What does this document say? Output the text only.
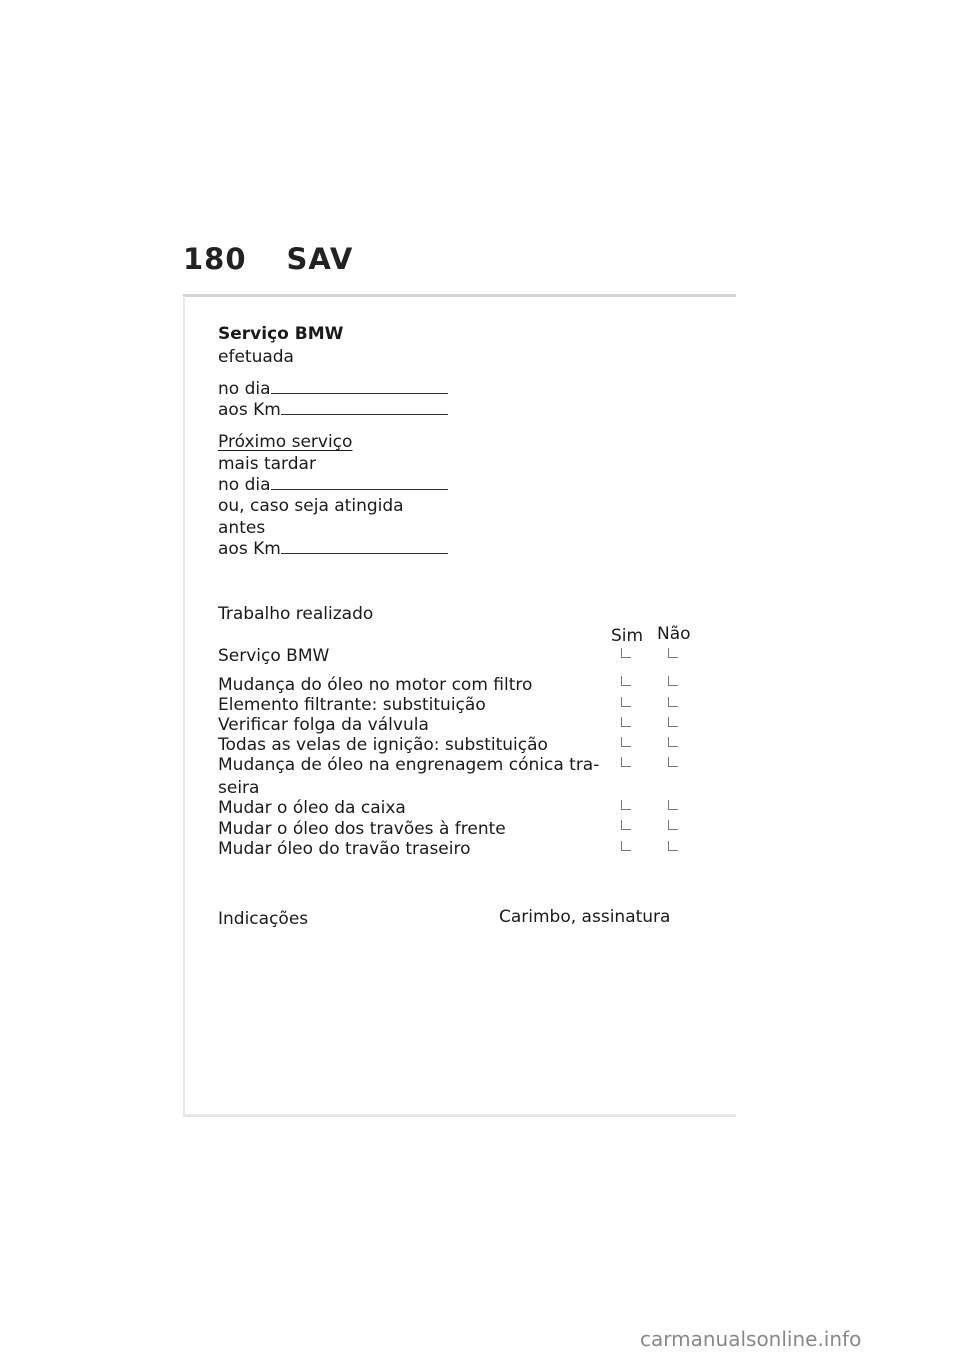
180 SAV
Serviço BMW
efetuada
no dia
aos Km
Próximo serviço
mais tardar
no dia
ou, caso seja atingida
antes
aos Km
Trabalho realizado
Sim Não
Serviço BMW
Mudança do óleo no motor com filtro
Elemento filtrante: substituição
Verificar folga da válvula
Todas as velas de ignição: substituição
Mudança de óleo na engrenagem cónica tra-
seira
Mudar o óleo da caixa
Mudar o óleo dos travões à frente
Mudar óleo do travão traseiro
Indicações	Carimbo, assinatura
carmanualsonline.info
